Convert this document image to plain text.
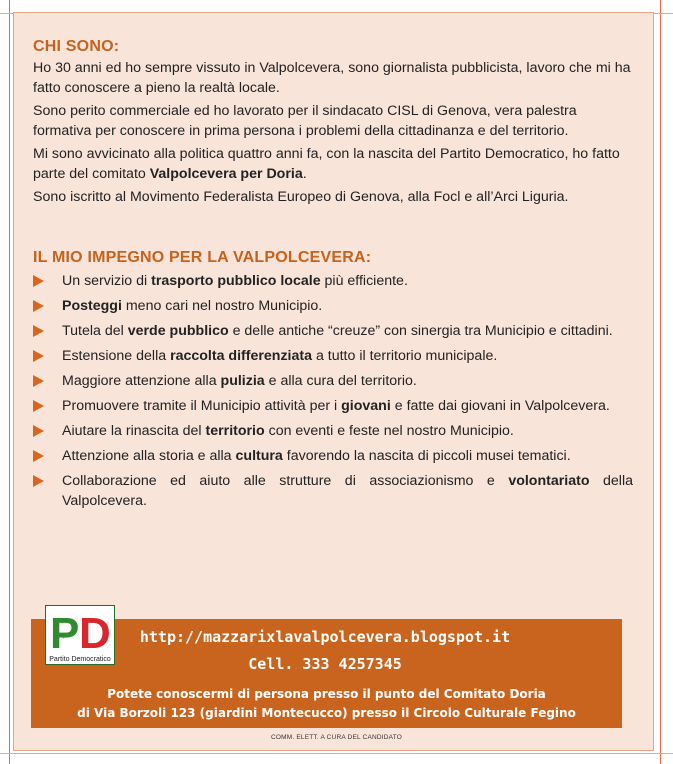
CHI SONO:

Ho 30 anni ed ho sempre vissuto in Valpolcevera, sono giornalista pubblicista, lavoro che mi ha fatto conoscere a pieno la realtà locale.

Sono perito commerciale ed ho lavorato per il sindacato CISL di Genova, vera palestra formativa per conoscere in prima persona i problemi della cittadinanza e del territorio.

Mi sono avvicinato alla politica quattro anni fa, con la nascita del Partito Democratico, ho fatto parte del comitato Valpolcevera per Doria.

Sono iscritto al Movimento Federalista Europeo di Genova, alla Focl e all’Arci Liguria.

IL MIO IMPEGNO PER LA VALPOLCEVERA:
Un servizio di trasporto pubblico locale più efficiente.
Posteggi meno cari nel nostro Municipio.
Tutela del verde pubblico e delle antiche “creuze” con sinergia tra Municipio e cittadini.
Estensione della raccolta differenziata a tutto il territorio municipale.
Maggiore attenzione alla pulizia e alla cura del territorio.
Promuovere tramite il Municipio attività per i giovani e fatte dai giovani in Valpolcevera.
Aiutare la rinascita del territorio con eventi e feste nel nostro Municipio.
Attenzione alla storia e alla cultura favorendo la nascita di piccoli musei tematici.
Collaborazione ed aiuto alle strutture di associazionismo e volontariato della Valpolcevera.
P D
Partito Democratico
http://mazzarixlavalpolcevera.blogspot.it
Cell. 333 4257345
Potete conoscermi di persona presso il punto del Comitato Doria
di Via Borzoli 123 (giardini Montecucco) presso il Circolo Culturale Fegino
COMM. ELETT. A CURA DEL CANDIDATO
